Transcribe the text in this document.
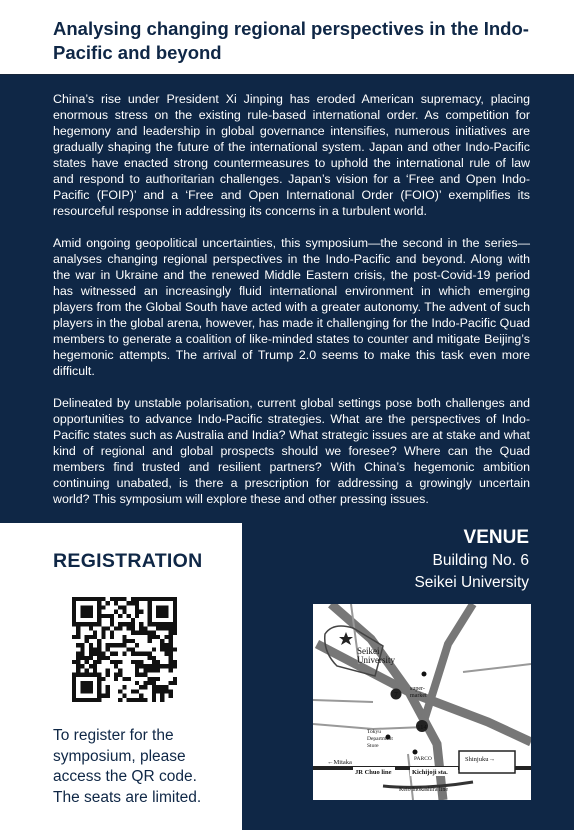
Analysing changing regional perspectives in the Indo-Pacific and beyond

China’s rise under President Xi Jinping has eroded American supremacy, placing enormous stress on the existing rule-based international order. As competition for hegemony and leadership in global governance intensifies, numerous initiatives are gradually shaping the future of the international system. Japan and other Indo-Pacific states have enacted strong countermeasures to uphold the international rule of law and respond to authoritarian challenges. Japan’s vision for a ‘Free and Open Indo-Pacific (FOIP)’ and a ‘Free and Open International Order (FOIO)’ exemplifies its resourceful response in addressing its concerns in a turbulent world.

Amid ongoing geopolitical uncertainties, this symposium—the second in the series—analyses changing regional perspectives in the Indo-Pacific and beyond. Along with the war in Ukraine and the renewed Middle Eastern crisis, the post-Covid-19 period has witnessed an increasingly fluid international environment in which emerging players from the Global South have acted with a greater autonomy. The advent of such players in the global arena, however, has made it challenging for the Indo-Pacific Quad members to generate a coalition of like-minded states to counter and mitigate Beijing’s hegemonic attempts. The arrival of Trump 2.0 seems to make this task even more difficult.

Delineated by unstable polarisation, current global settings pose both challenges and opportunities to advance Indo-Pacific strategies. What are the perspectives of Indo-Pacific states such as Australia and India? What strategic issues are at stake and what kind of regional and global prospects should we foresee? Where can the Quad members find trusted and resilient partners? With China’s hegemonic ambition continuing unabated, is there a prescription for addressing a growingly uncertain world? This symposium will explore these and other pressing issues.

REGISTRATION
To register for the
symposium, please
access the QR code.
The seats are limited.
VENUE
Building No. 6
Seikei University
7
114
Seikei
University
super-
market
Tokyu
Department
Store
PARCO
←Mitaka	Shinjuku→
JR Chuo line	Kichijoji sta.
Keio Inokashira line
